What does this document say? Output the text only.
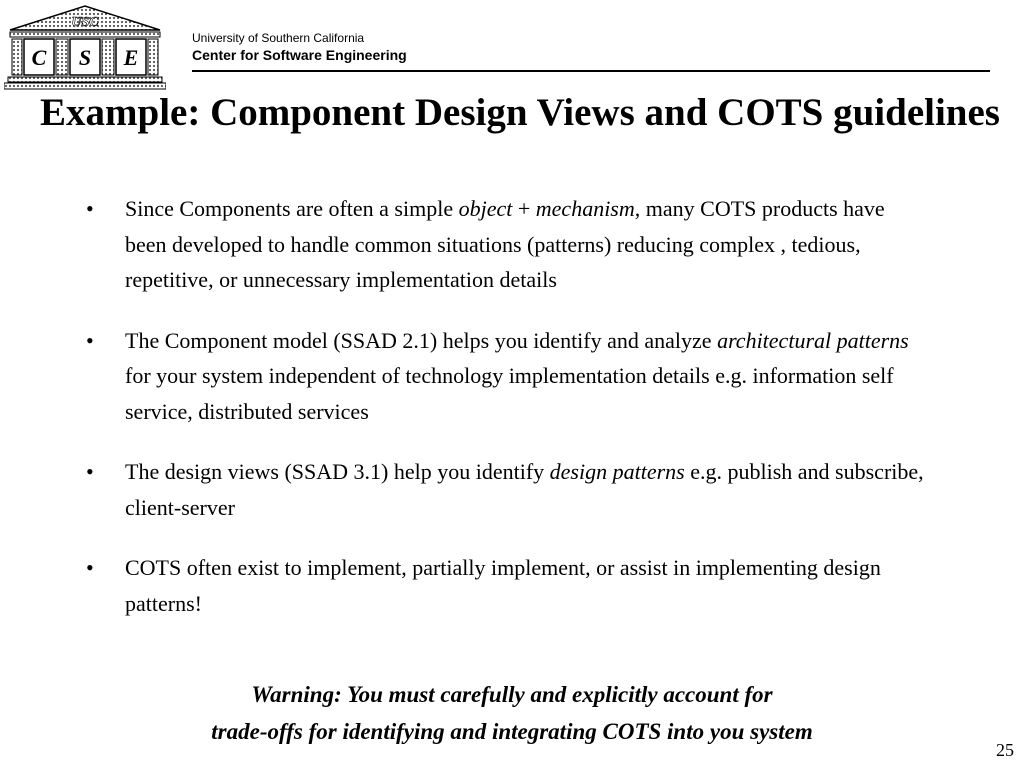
USC
C S E
University of Southern California
Center for Software Engineering
Example: Component Design Views and COTS guidelines
• Since Components are often a simple object + mechanism, many COTS products have been developed to handle common situations (patterns) reducing complex , tedious, repetitive, or unnecessary implementation details
• The Component model (SSAD 2.1) helps you identify and analyze architectural patterns for your system independent of technology implementation details e.g. information self service, distributed services
• The design views (SSAD 3.1) help you identify design patterns e.g. publish and subscribe, client-server
• COTS often exist to implement, partially implement, or assist in implementing design patterns!
Warning: You must carefully and explicitly account for
trade-offs for identifying and integrating COTS into you system
25
